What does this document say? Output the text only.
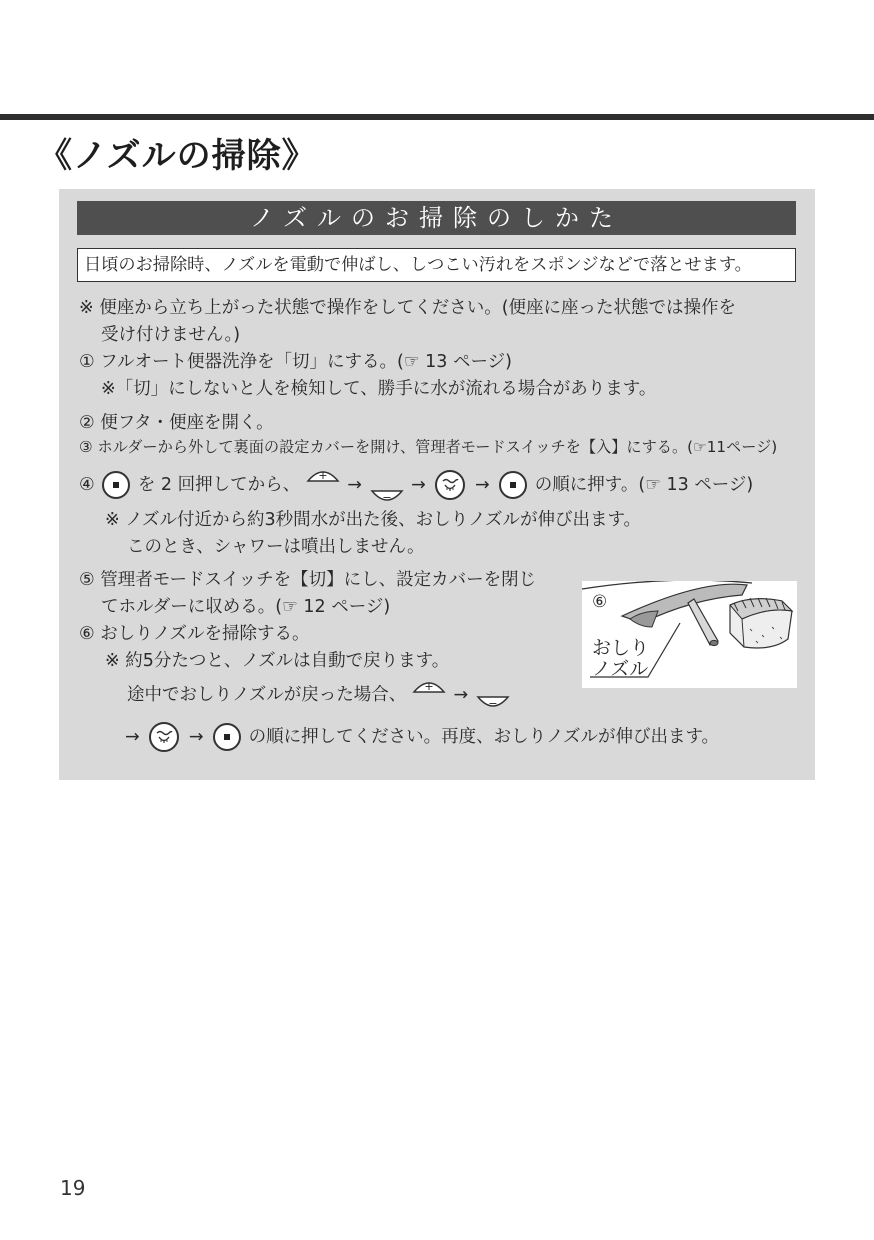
《ノズルの掃除》
ノズルのお掃除のしかた
日頃のお掃除時、ノズルを電動で伸ばし、しつこい汚れをスポンジなどで落とせます。
※ 便座から立ち上がった状態で操作をしてください。(便座に座った状態では操作を
受け付けません。)
① フルオート便器洗浄を「切」にする。(☞ 13 ページ)
※「切」にしないと人を検知して、勝手に水が流れる場合があります。
② 便フタ・便座を開く。
③ ホルダーから外して裏面の設定カバーを開け、管理者モードスイッチを【入】にする。(☞11ページ)
④ を 2 回押してから、 + →
−
→	→	の順に押す。(☞ 13 ページ)
※ ノズル付近から約3秒間水が出た後、おしりノズルが伸び出ます。
このとき、シャワーは噴出しません。
⑤ 管理者モードスイッチを【切】にし、設定カバーを閉じ
てホルダーに収める。(☞ 12 ページ)
⑥ おしりノズルを掃除する。
※ 約5分たつと、ノズルは自動で戻ります。
途中でおしりノズルが戻った場合、 + → −
→	→	の順に押してください。再度、おしりノズルが伸び出ます。
⑥
おしり
ノズル
19
